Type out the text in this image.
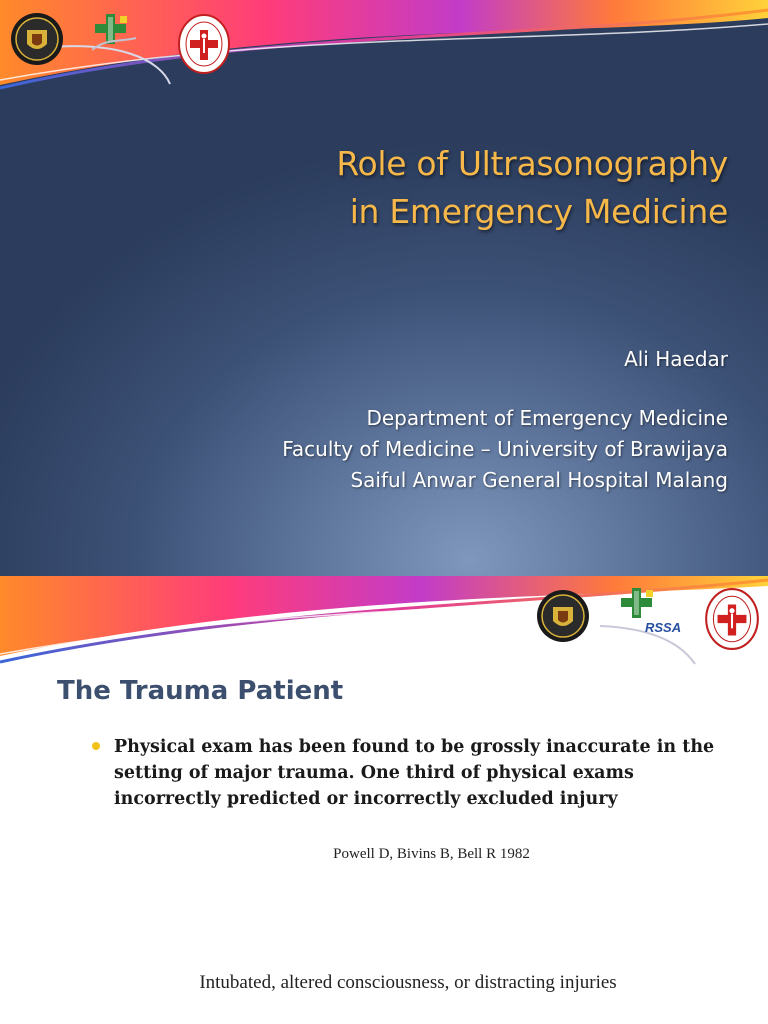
Role of Ultrasonography
in Emergency Medicine
Ali Haedar
Department of Emergency Medicine
Faculty of Medicine – University of Brawijaya
Saiful Anwar General Hospital Malang
RSSA
The Trauma Patient
Physical exam has been found to be grossly inaccurate in the setting of major trauma. One third of physical exams incorrectly predicted or incorrectly excluded injury
Powell D, Bivins B, Bell R 1982
Intubated, altered consciousness, or distracting injuries
